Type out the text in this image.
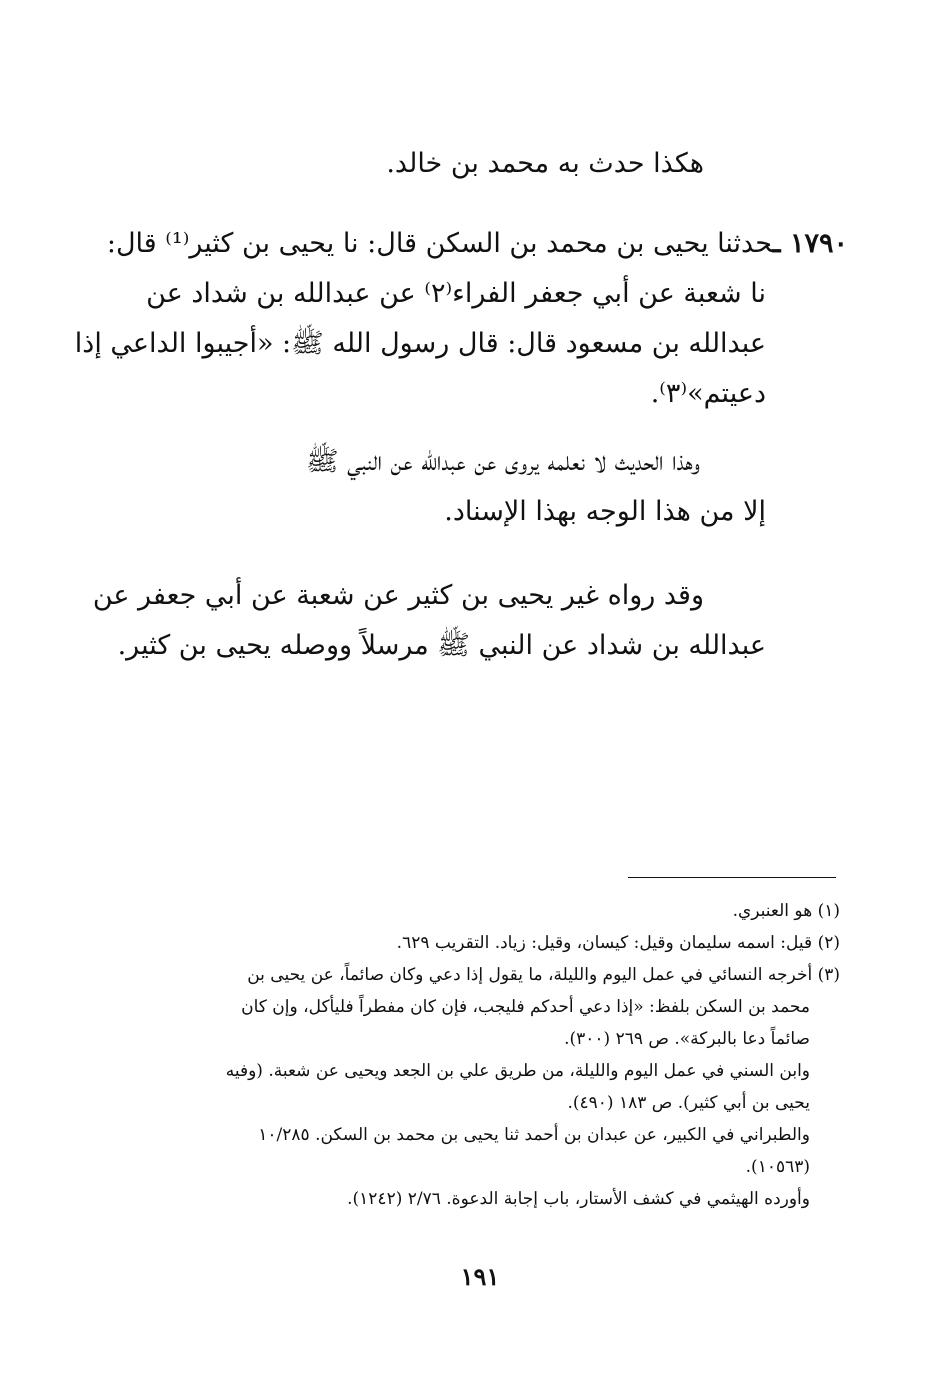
هكذا حدث به محمد بن خالد.
١٧٩٠ ـحدثنا يحيى بن محمد بن السكن قال: نا يحيى بن كثير⁽¹⁾ قال:
نا شعبة عن أبي جعفر الفراء⁽٢⁾ عن عبدالله بن شداد عن
عبدالله بن مسعود قال: قال رسول الله ﷺ: «أجيبوا الداعي إذا
دعيتم»⁽٣⁾.
وهذا الحديث لا نعلمه يروى عن عبدالله عن النبي ﷺ
إلا من هذا الوجه بهذا الإسناد.
وقد رواه غير يحيى بن كثير عن شعبة عن أبي جعفر عن
عبدالله بن شداد عن النبي ﷺ مرسلاً ووصله يحيى بن كثير.
(١) هو العنبري.
(٢) قيل: اسمه سليمان وقيل: كيسان، وقيل: زياد. التقريب ٦٢٩.
(٣) أخرجه النسائي في عمل اليوم والليلة، ما يقول إذا دعي وكان صائماً، عن يحيى بن
محمد بن السكن بلفظ: «إذا دعي أحدكم فليجب، فإن كان مفطراً فليأكل، وإن كان
صائماً دعا بالبركة». ص ٢٦٩ (٣٠٠).
وابن السني في عمل اليوم والليلة، من طريق علي بن الجعد ويحيى عن شعبة. (وفيه
يحيى بن أبي كثير). ص ١٨٣ (٤٩٠).
والطبراني في الكبير، عن عبدان بن أحمد ثنا يحيى بن محمد بن السكن. ١٠/٢٨٥
(١٠٥٦٣).
وأورده الهيثمي في كشف الأستار، باب إجابة الدعوة. ٢/٧٦ (١٢٤٢).
١٩١
